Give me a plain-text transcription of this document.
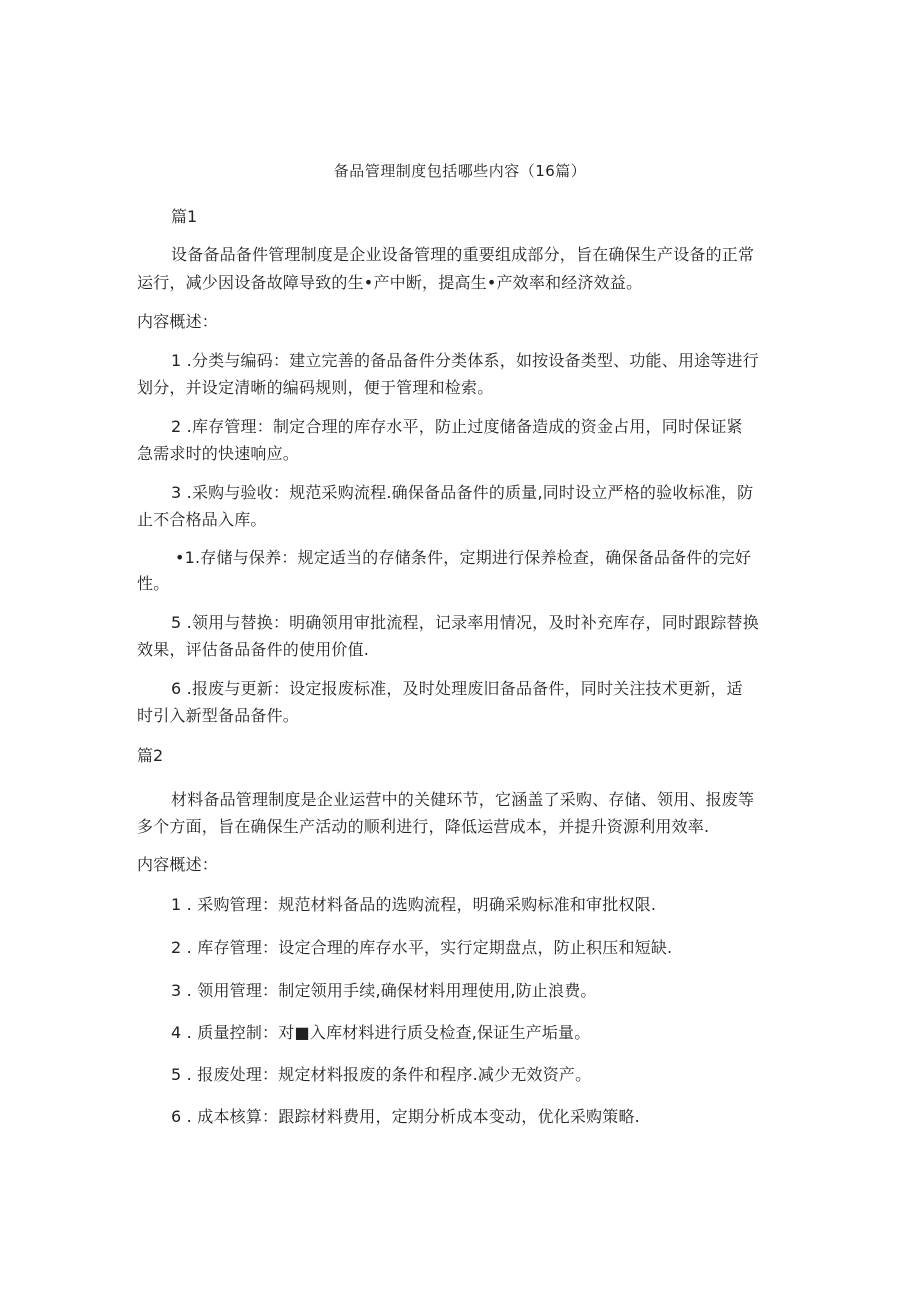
备品管理制度包括哪些内容（16篇）
篇1
设备备品备件管理制度是企业设备管理的重要组成部分，旨在确保生产设备的正常
运行，减少因设备故障导致的生•产中断，提高生•产效率和经济效益。
内容概述：
1 .分类与编码：建立完善的备品备件分类体系，如按设备类型、功能、用途等进行
划分，并设定清晰的编码规则，便于管理和检索。
2 .库存管理：制定合理的库存水平，防止过度储备造成的资金占用，同时保证紧
急需求时的快速响应。
3 .采购与验收：规范采购流程.确保备品备件的质量,同时设立严格的验收标准，防
止不合格品入库。
•1.存储与保养：规定适当的存储条件，定期进行保养检查，确保备品备件的完好
性。
5 .领用与替换：明确领用审批流程，记录率用情况，及时补充库存，同时跟踪替换
效果，评估备品备件的使用价值.
6 .报废与更新：设定报废标准，及时处理废旧备品备件，同时关注技术更新，适
时引入新型备品备件。
篇2
材料备品管理制度是企业运营中的关健环节，它涵盖了采购、存储、领用、报废等
多个方面，旨在确保生产活动的顺利进行，降低运营成本，并提升资源利用效率.
内容概述：
1 . 采购管理：规范材料备品的选购流程，明确采购标准和审批权限.
2 . 库存管理：设定合理的库存水平，实行定期盘点，防止积压和短缺.
3 . 领用管理：制定领用手续,确保材料用理使用,防止浪费。
4 . 质量控制：对■入库材料进行质殳检查,保证生产垢量。
5 . 报废处理：规定材料报废的条件和程序.减少无效资产。
6 . 成本核算：跟踪材料费用，定期分析成本变动，优化采购策略.
